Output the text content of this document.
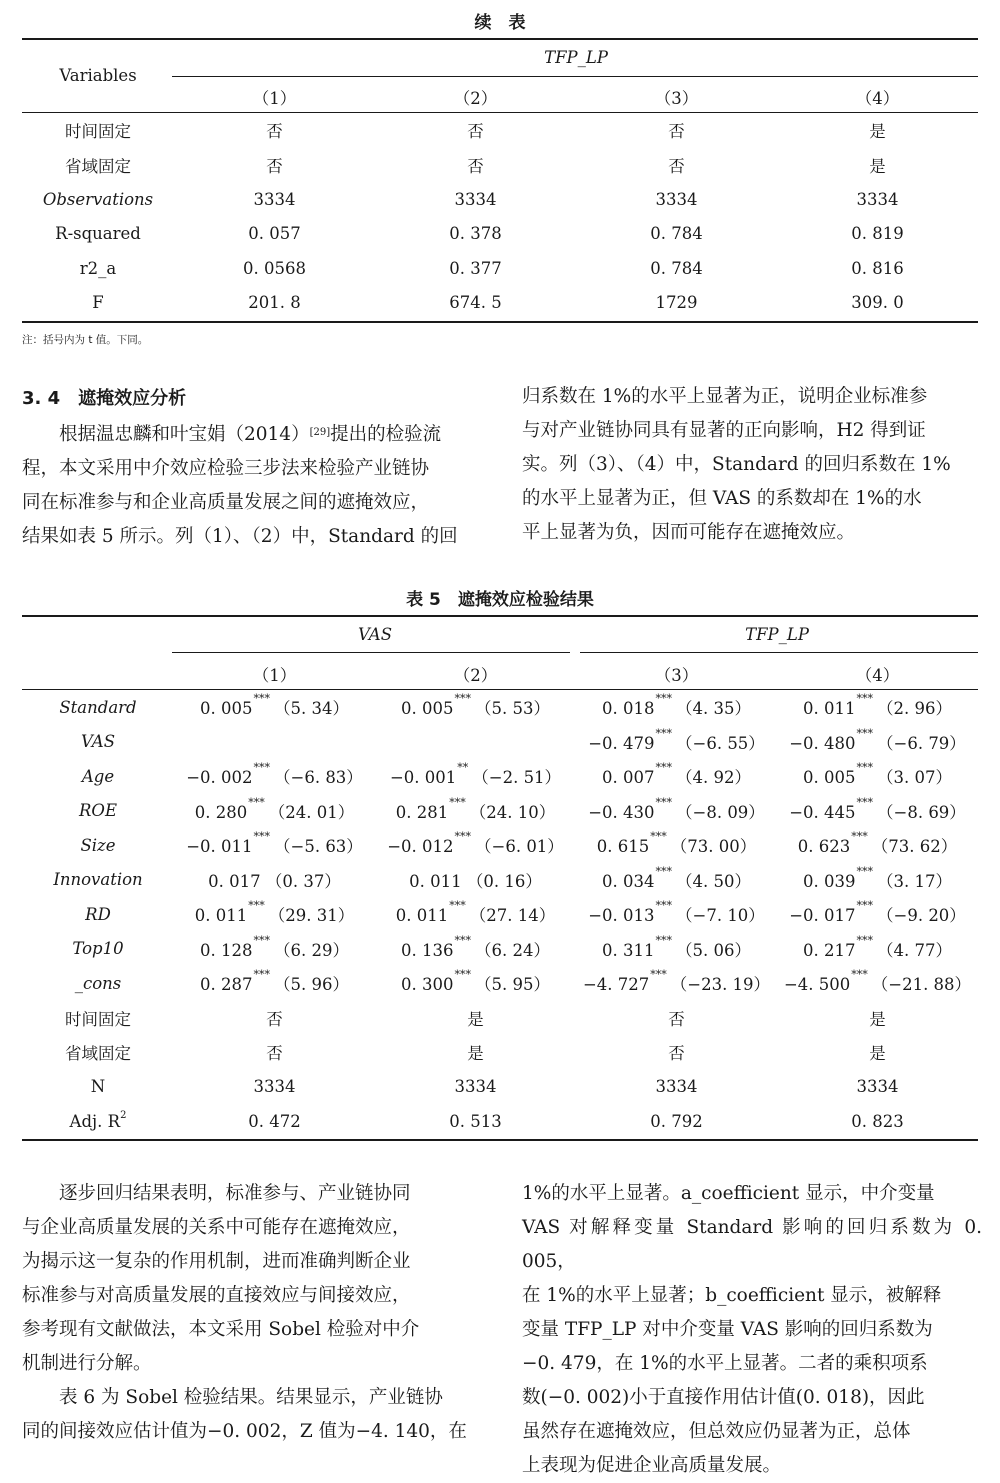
续　表
Variables
TFP_LP
（1）	（2）	（3）	（4）
时间固定	否	否	否	是
省域固定	否	否	否	是
Observations	3334	3334	3334	3334
R-squared	0. 057	0. 378	0. 784	0. 819
r2_a	0. 0568	0. 377	0. 784	0. 816
F	201. 8	674. 5	1729	309. 0
注：括号内为 t 值。下同。
3. 4　遮掩效应分析

根据温忠麟和叶宝娟（2014）[29]提出的检验流

程，本文采用中介效应检验三步法来检验产业链协

同在标准参与和企业高质量发展之间的遮掩效应，

结果如表 5 所示。列（1）、（2）中，Standard 的回

归系数在 1%的水平上显著为正，说明企业标准参

与对产业链协同具有显著的正向影响，H2 得到证

实。列（3）、（4）中，Standard 的回归系数在 1%

的水平上显著为正，但 VAS 的系数却在 1%的水

平上显著为负，因而可能存在遮掩效应。

表 5　遮掩效应检验结果
VAS	TFP_LP
（1）	（2）	（3）	（4）
Standard	0. 005***（5. 34）	0. 005***（5. 53）	0. 018***（4. 35）	0. 011***（2. 96）
VAS			−0. 479***（−6. 55）	−0. 480***（−6. 79）
Age	−0. 002***（−6. 83）	−0. 001**（−2. 51）	0. 007***（4. 92）	0. 005***（3. 07）
ROE	0. 280***（24. 01）	0. 281***（24. 10）	−0. 430***（−8. 09）	−0. 445***（−8. 69）
Size	−0. 011***（−5. 63）	−0. 012***（−6. 01）	0. 615***（73. 00）	0. 623***（73. 62）
Innovation	0. 017 （0. 37）	0. 011 （0. 16）	0. 034***（4. 50）	0. 039***（3. 17）
RD	0. 011***（29. 31）	0. 011***（27. 14）	−0. 013***（−7. 10）	−0. 017***（−9. 20）
Top10	0. 128***（6. 29）	0. 136***（6. 24）	0. 311***（5. 06）	0. 217***（4. 77）
_cons	0. 287***（5. 96）	0. 300***（5. 95）	−4. 727***（−23. 19）	−4. 500***（−21. 88）
时间固定	否	是	否	是
省域固定	否	是	否	是
N	3334	3334	3334	3334
Adj. $R^2$	0. 472	0. 513	0. 792	0. 823

逐步回归结果表明，标准参与、产业链协同

与企业高质量发展的关系中可能存在遮掩效应，

为揭示这一复杂的作用机制，进而准确判断企业

标准参与对高质量发展的直接效应与间接效应，

参考现有文献做法，本文采用 Sobel 检验对中介

机制进行分解。

表 6 为 Sobel 检验结果。结果显示，产业链协

同的间接效应估计值为−0. 002，Z 值为−4. 140，在

1%的水平上显著。a_coefficient 显示，中介变量

VAS 对解释变量 Standard 影响的回归系数为 0. 005，

在 1%的水平上显著；b_coefficient 显示，被解释

变量 TFP_LP 对中介变量 VAS 影响的回归系数为

−0. 479，在 1%的水平上显著。二者的乘积项系

数(−0. 002)小于直接作用估计值(0. 018)，因此

虽然存在遮掩效应，但总效应仍显著为正，总体

上表现为促进企业高质量发展。
